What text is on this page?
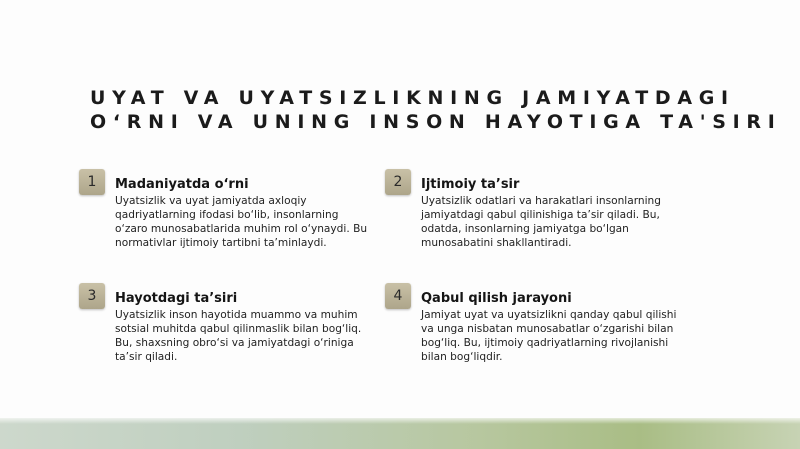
UYAT VA UYATSIZLIKNING JAMIYATDAGI
O‘RNI VA UNING INSON HAYOTIGA TA'SIRI
1	Madaniyatda o‘rni

Uyatsizlik va uyat jamiyatda axloqiy
qadriyatlarning ifodasi bo‘lib, insonlarning
o‘zaro munosabatlarida muhim rol o‘ynaydi. Bu
normativlar ijtimoiy tartibni ta’minlaydi.

2	Ijtimoiy ta’sir

Uyatsizlik odatlari va harakatlari insonlarning
jamiyatdagi qabul qilinishiga ta’sir qiladi. Bu,
odatda, insonlarning jamiyatga bo‘lgan
munosabatini shakllantiradi.

3	Hayotdagi ta’siri

Uyatsizlik inson hayotida muammo va muhim
sotsial muhitda qabul qilinmaslik bilan bog‘liq.
Bu, shaxsning obro‘si va jamiyatdagi o‘riniga
ta’sir qiladi.

4	Qabul qilish jarayoni

Jamiyat uyat va uyatsizlikni qanday qabul qilishi
va unga nisbatan munosabatlar o‘zgarishi bilan
bog‘liq. Bu, ijtimoiy qadriyatlarning rivojlanishi
bilan bog‘liqdir.
